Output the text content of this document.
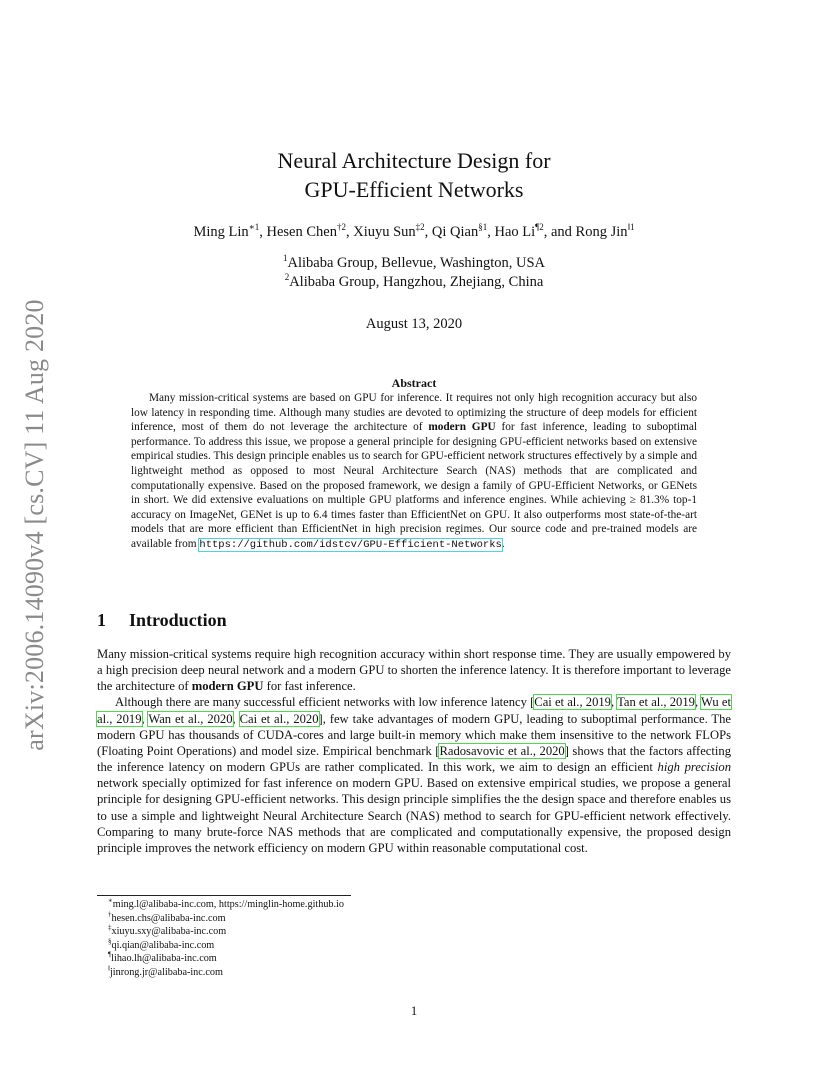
arXiv:2006.14090v4 [cs.CV] 11 Aug 2020
Neural Architecture Design for
GPU-Efficient Networks
Ming Lin$^{∗1}$, Hesen Chen$^{\dagger 2}$, Xiuyu Sun$^{\ddagger 2}$, Qi Qian$^{\S 1}$, Hao Li$^{\P 2}$, and Rong Jin$^{‖1}$
$^1$Alibaba Group, Bellevue, Washington, USA
$^2$Alibaba Group, Hangzhou, Zhejiang, China
August 13, 2020
Abstract

Many mission-critical systems are based on GPU for inference. It requires not only high recognition accuracy but also low latency in responding time. Although many studies are devoted to optimizing the structure of deep models for efficient inference, most of them do not leverage the architecture of modern GPU for fast inference, leading to suboptimal performance. To address this issue, we propose a general principle for designing GPU-efficient networks based on extensive empirical studies. This design principle enables us to search for GPU-efficient network structures effectively by a simple and lightweight method as opposed to most Neural Architecture Search (NAS) methods that are complicated and computationally expensive. Based on the proposed framework, we design a family of GPU-Efficient Networks, or GENets in short. We did extensive evaluations on multiple GPU platforms and inference engines. While achieving ≥ 81.3% top-1 accuracy on ImageNet, GENet is up to 6.4 times faster than EfficientNet on GPU. It also outperforms most state-of-the-art models that are more efficient than EfficientNet in high precision regimes. Our source code and pre-trained models are available from https://github.com/idstcv/GPU-Efficient-Networks.

1 Introduction

Many mission-critical systems require high recognition accuracy within short response time. They are usually empowered by a high precision deep neural network and a modern GPU to shorten the inference latency. It is therefore important to leverage the architecture of modern GPU for fast inference.

Although there are many successful efficient networks with low inference latency [Cai et al., 2019, Tan et al., 2019, Wu et al., 2019, Wan et al., 2020, Cai et al., 2020], few take advantages of modern GPU, leading to suboptimal performance. The modern GPU has thousands of CUDA-cores and large built-in memory which make them insensitive to the network FLOPs (Floating Point Operations) and model size. Empirical benchmark [Radosavovic et al., 2020] shows that the factors affecting the inference latency on modern GPUs are rather complicated. In this work, we aim to design an efficient high precision network specially optimized for fast inference on modern GPU. Based on extensive empirical studies, we propose a general principle for designing GPU-efficient networks. This design principle simplifies the the design space and therefore enables us to use a simple and lightweight Neural Architecture Search (NAS) method to search for GPU-efficient network effectively. Comparing to many brute-force NAS methods that are complicated and computationally expensive, the proposed design principle improves the network efficiency on modern GPU within reasonable computational cost.

∗ming.l@alibaba-inc.com, https://minglin-home.github.io
†hesen.chs@alibaba-inc.com
‡xiuyu.sxy@alibaba-inc.com
§qi.qian@alibaba-inc.com
¶lihao.lh@alibaba-inc.com
‖jinrong.jr@alibaba-inc.com
1
